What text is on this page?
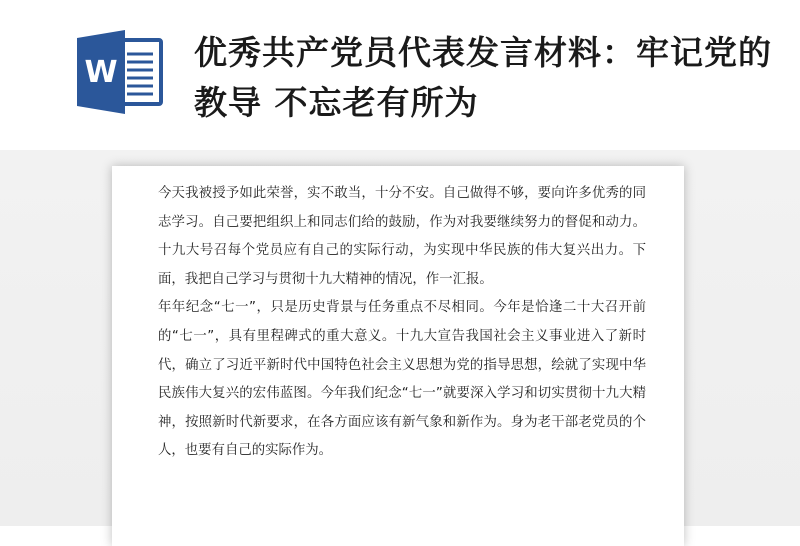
W
优秀共产党员代表发言材料：牢记党的教导 不忘老有所为

今天我被授予如此荣誉，实不敢当，十分不安。自己做得不够，要向许多优秀的同志学习。自己要把组织上和同志们给的鼓励，作为对我要继续努力的督促和动力。十九大号召每个党员应有自己的实际行动，为实现中华民族的伟大复兴出力。下面，我把自己学习与贯彻十九大精神的情况，作一汇报。

年年纪念“七一”，只是历史背景与任务重点不尽相同。今年是恰逢二十大召开前的“七一”，具有里程碑式的重大意义。十九大宣告我国社会主义事业进入了新时代，确立了习近平新时代中国特色社会主义思想为党的指导思想，绘就了实现中华民族伟大复兴的宏伟蓝图。今年我们纪念“七一”就要深入学习和切实贯彻十九大精神，按照新时代新要求，在各方面应该有新气象和新作为。身为老干部老党员的个人，也要有自己的实际作为。
